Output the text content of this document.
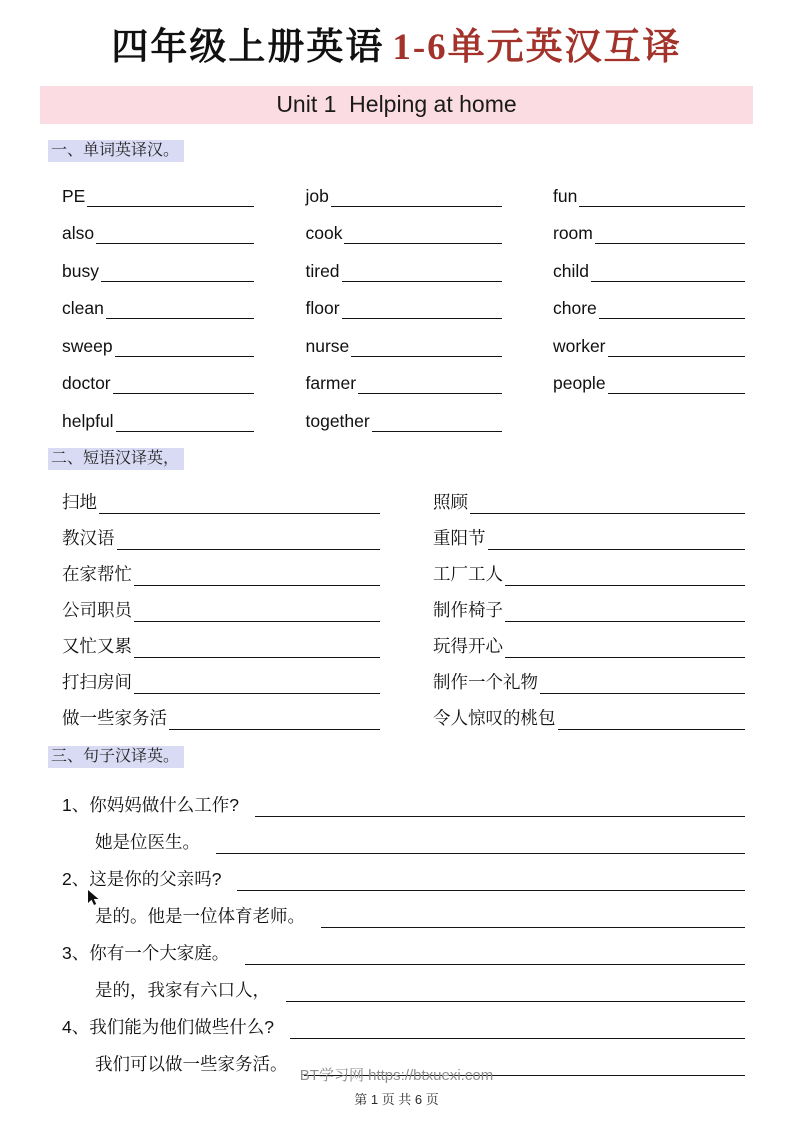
四年级上册英语 1-6单元英汉互译
Unit 1  Helping at home
一、单词英译汉。
PE
also
busy
clean
sweep
doctor
helpful
job
cook
tired
floor
nurse
farmer
together
fun
room
child
chore
worker
people
二、短语汉译英，
扫地
教汉语
在家帮忙
公司职员
又忙又累
打扫房间
做一些家务活
照顾
重阳节
工厂工人
制作椅子
玩得开心
制作一个礼物
令人惊叹的桃包
三、句子汉译英。
1、 你妈妈做什么工作?
她是位医生。
2、 这是你的父亲吗?
是的。他是一位体育老师。
3、 你有一个大家庭。
是的，我家有六口人，
4、 我们能为他们做些什么?
我们可以做一些家务活。
BT学习网 https://btxuexi.com
第 1 页 共 6 页
